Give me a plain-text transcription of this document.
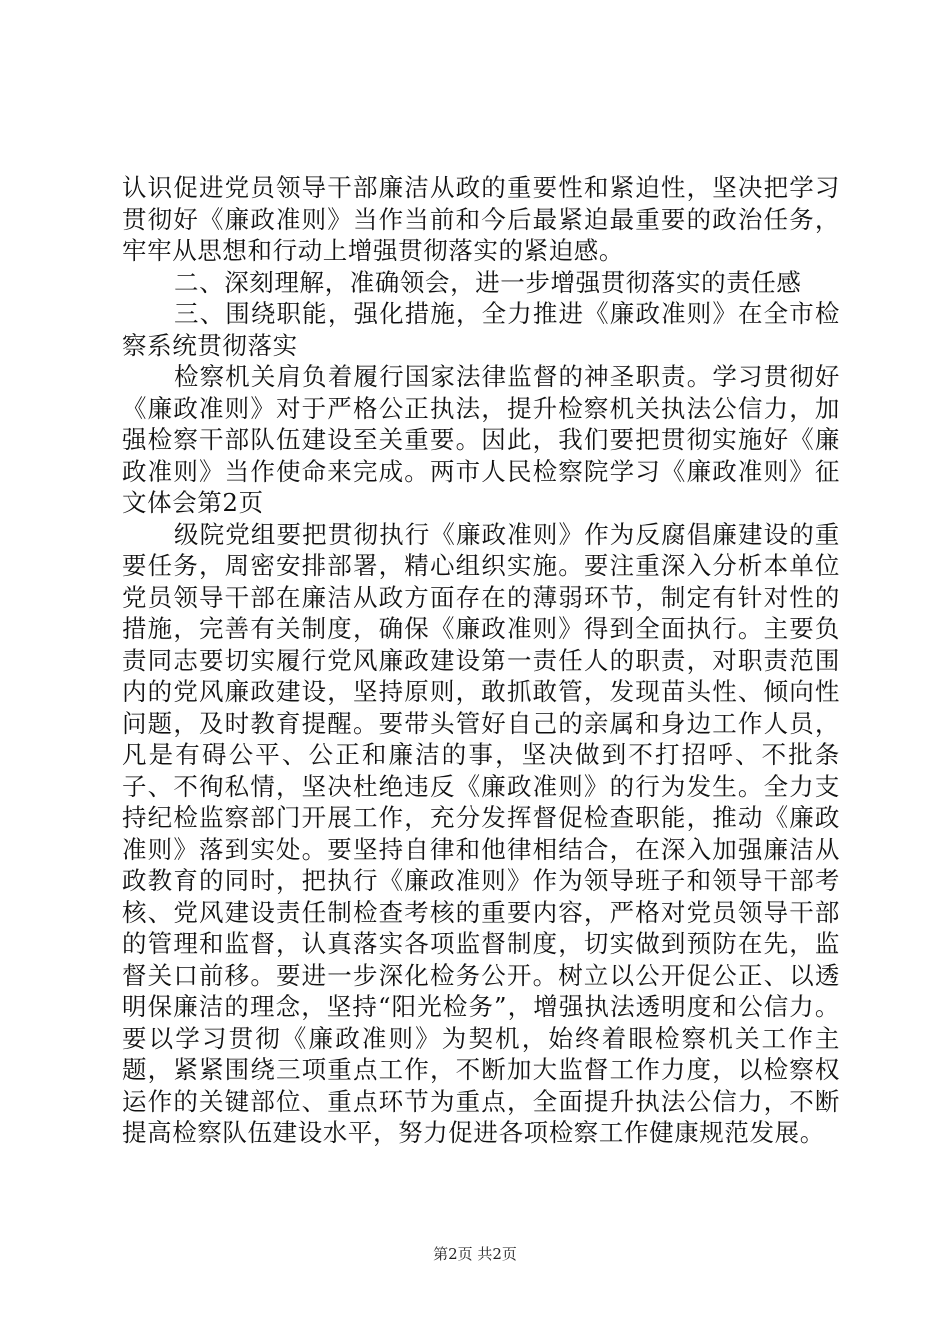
认识促进党员领导干部廉洁从政的重要性和紧迫性，坚决把学习贯彻好《廉政准则》当作当前和今后最紧迫最重要的政治任务，牢牢从思想和行动上增强贯彻落实的紧迫感。

二、深刻理解，准确领会，进一步增强贯彻落实的责任感

三、围绕职能，强化措施，全力推进《廉政准则》在全市检察系统贯彻落实

检察机关肩负着履行国家法律监督的神圣职责。学习贯彻好《廉政准则》对于严格公正执法，提升检察机关执法公信力，加强检察干部队伍建设至关重要。因此，我们要把贯彻实施好《廉政准则》当作使命来完成。两市人民检察院学习《廉政准则》征文体会第2页

级院党组要把贯彻执行《廉政准则》作为反腐倡廉建设的重要任务，周密安排部署，精心组织实施。要注重深入分析本单位党员领导干部在廉洁从政方面存在的薄弱环节，制定有针对性的措施，完善有关制度，确保《廉政准则》得到全面执行。主要负责同志要切实履行党风廉政建设第一责任人的职责，对职责范围内的党风廉政建设，坚持原则，敢抓敢管，发现苗头性、倾向性问题，及时教育提醒。要带头管好自己的亲属和身边工作人员，凡是有碍公平、公正和廉洁的事，坚决做到不打招呼、不批条子、不徇私情，坚决杜绝违反《廉政准则》的行为发生。全力支持纪检监察部门开展工作，充分发挥督促检查职能，推动《廉政准则》落到实处。要坚持自律和他律相结合，在深入加强廉洁从政教育的同时，把执行《廉政准则》作为领导班子和领导干部考核、党风建设责任制检查考核的重要内容，严格对党员领导干部的管理和监督，认真落实各项监督制度，切实做到预防在先，监督关口前移。要进一步深化检务公开。树立以公开促公正、以透明保廉洁的理念，坚持“阳光检务”，增强执法透明度和公信力。要以学习贯彻《廉政准则》为契机，始终着眼检察机关工作主题，紧紧围绕三项重点工作，不断加大监督工作力度，以检察权运作的关键部位、重点环节为重点，全面提升执法公信力，不断提高检察队伍建设水平，努力促进各项检察工作健康规范发展。

第2页 共2页
